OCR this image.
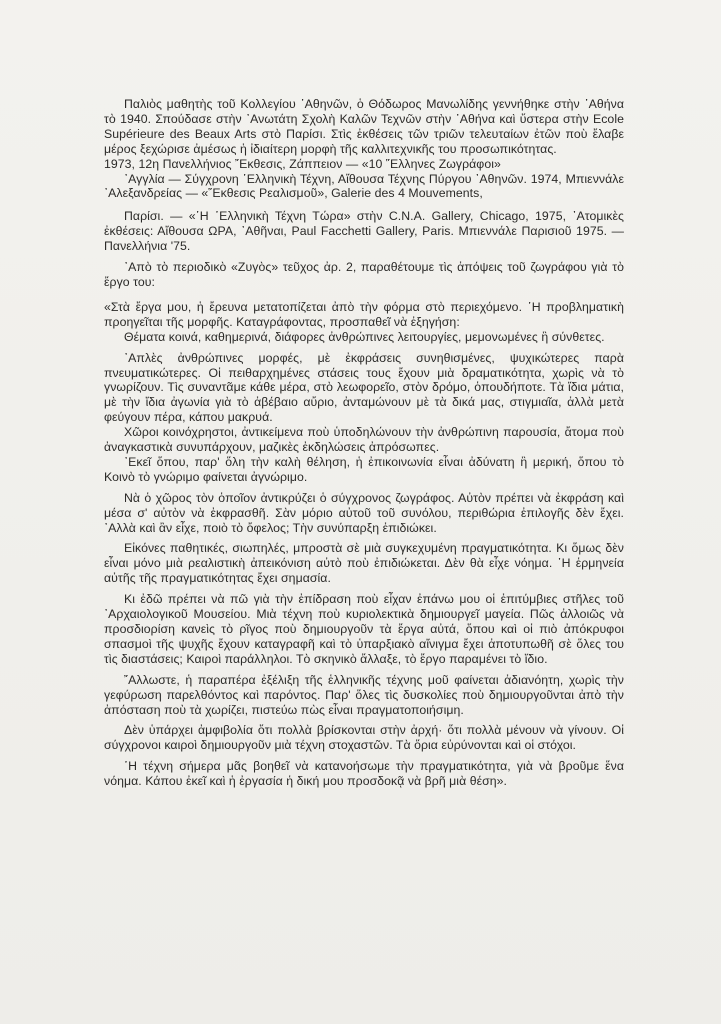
Παλιὸς μαθητὴς τοῦ Κολλεγίου ᾽Αθηνῶν, ὁ Θόδωρος Μανωλίδης γεννήθηκε στὴν ᾽Αθήνα τὸ 1940. Σπούδασε στὴν ᾽Ανωτάτη Σχολὴ Καλῶν Τεχνῶν στὴν ᾽Αθήνα καὶ ὕστερα στὴν Ecole Supérieure des Beaux Arts στὸ Παρίσι. Στὶς ἐκθέσεις τῶν τριῶν τελευταίων ἐτῶν ποὺ ἔλαβε μέρος ξεχώρισε ἀμέσως ἡ ἰδιαίτερη μορφὴ τῆς καλλιτεχνικῆς του προσωπικότητας.

1973, 12η Πανελλήνιος ῎Εκθεσις, Ζάππειον — «10 ῞Ελληνες Ζωγράφοι»

᾽Αγγλία — Σύγχρονη ῾Ελληνικὴ Τέχνη, Αἴθουσα Τέχνης Πύργου ᾽Αθηνῶν. 1974, Μπιεννάλε ᾽Αλεξανδρείας — «῞Εκθεσις Ρεαλισμοῦ», Galerie des 4 Mouvements,

Παρίσι. — «῾Η ῾Ελληνικὴ Τέχνη Τώρα» στὴν C.N.A. Gallery, Chicago, 1975, ᾽Ατομικὲς ἐκθέσεις: Αἴθουσα ΩΡΑ, ᾽Αθῆναι, Paul Facchetti Gallery, Paris. Μπιεννάλε Παρισιοῦ 1975. — Πανελλήνια '75.

᾽Απὸ τὸ περιοδικὸ «Ζυγὸς» τεῦχος ἀρ. 2, παραθέτουμε τὶς ἀπόψεις τοῦ ζωγράφου γιὰ τὸ ἔργο του:

«Στὰ ἔργα μου, ἡ ἔρευνα μετατοπίζεται ἀπὸ τὴν φόρμα στὸ περιεχόμενο. ῾Η προβληματικὴ προηγεῖται τῆς μορφῆς. Καταγράφοντας, προσπαθεῖ νὰ ἐξηγήση:

Θέματα κοινά, καθημερινά, διάφορες ἀνθρώπινες λειτουργίες, μεμονωμένες ἢ σύνθετες.

᾽Απλὲς ἀνθρώπινες μορφές, μὲ ἐκφράσεις συνηθισμένες, ψυχικώτερες παρὰ πνευματικώτερες. Οἱ πειθαρχημένες στάσεις τους ἔχουν μιὰ δραματικότητα, χωρὶς νὰ τὸ γνωρίζουν. Τὶς συναντᾶμε κάθε μέρα, στὸ λεωφορεῖο, στὸν δρόμο, ὁπουδήποτε. Τὰ ἴδια μάτια, μὲ τὴν ἴδια ἀγωνία γιὰ τὸ ἀβέβαιο αὔριο, ἀνταμώνουν μὲ τὰ δικά μας, στιγμιαῖα, ἀλλὰ μετὰ φεύγουν πέρα, κάπου μακρυά.

Χῶροι κοινόχρηστοι, ἀντικείμενα ποὺ ὑποδηλώνουν τὴν ἀνθρώπινη παρουσία, ἄτομα ποὺ ἀναγκαστικὰ συνυπάρχουν, μαζικὲς ἐκδηλώσεις ἀπρόσωπες.

᾽Εκεῖ ὅπου, παρ' ὅλη τὴν καλὴ θέληση, ἡ ἐπικοινωνία εἶναι ἀδύνατη ἢ μερική, ὅπου τὸ Κοινὸ τὸ γνώριμο φαίνεται ἀγνώριμο.

Νὰ ὁ χῶρος τὸν ὁποῖον ἀντικρύζει ὁ σύγχρονος ζωγράφος. Αὐτὸν πρέπει νὰ ἐκφράση καὶ μέσα σ' αὐτὸν νὰ ἐκφρασθῆ. Σὰν μόριο αὐτοῦ τοῦ συνόλου, περιθώρια ἐπιλογῆς δὲν ἔχει. ᾽Αλλὰ καὶ ἂν εἶχε, ποιὸ τὸ ὄφελος; Τὴν συνύπαρξη ἐπιδιώκει.

Εἰκόνες παθητικές, σιωπηλές, μπροστὰ σὲ μιὰ συγκεχυμένη πραγματικότητα. Κι ὅμως δὲν εἶναι μόνο μιὰ ρεαλιστικὴ ἀπεικόνιση αὐτὸ ποὺ ἐπιδιώκεται. Δὲν θὰ εἶχε νόημα. ῾Η ἑρμηνεία αὐτῆς τῆς πραγματικότητας ἔχει σημασία.

Κι ἐδῶ πρέπει νὰ πῶ γιὰ τὴν ἐπίδραση ποὺ εἶχαν ἐπάνω μου οἱ ἐπιτύμβιες στῆλες τοῦ ᾽Αρχαιολογικοῦ Μουσείου. Μιὰ τέχνη ποὺ κυριολεκτικὰ δημιουργεῖ μαγεία. Πῶς ἀλλοιῶς νὰ προσδιορίση κανεὶς τὸ ρῖγος ποὺ δημιουργοῦν τὰ ἔργα αὐτά, ὅπου καὶ οἱ πιὸ ἀπόκρυφοι σπασμοὶ τῆς ψυχῆς ἔχουν καταγραφῆ καὶ τὸ ὑπαρξιακὸ αἴνιγμα ἔχει ἀποτυπωθῆ σὲ ὅλες του τὶς διαστάσεις; Καιροὶ παράλληλοι. Τὸ σκηνικὸ ἄλλαξε, τὸ ἔργο παραμένει τὸ ἴδιο.

῎Αλλωστε, ἡ παραπέρα ἐξέλιξη τῆς ἑλληνικῆς τέχνης μοῦ φαίνεται ἀδιανόητη, χωρὶς τὴν γεφύρωση παρελθόντος καὶ παρόντος. Παρ' ὅλες τὶς δυσκολίες ποὺ δημιουργοῦνται ἀπὸ τὴν ἀπόσταση ποὺ τὰ χωρίζει, πιστεύω πὼς εἶναι πραγματοποιήσιμη.

Δὲν ὑπάρχει ἀμφιβολία ὅτι πολλὰ βρίσκονται στὴν ἀρχή· ὅτι πολλὰ μένουν νὰ γίνουν. Οἱ σύγχρονοι καιροὶ δημιουργοῦν μιὰ τέχνη στοχαστῶν. Τὰ ὅρια εὐρύνονται καὶ οἱ στόχοι.

῾Η τέχνη σήμερα μᾶς βοηθεῖ νὰ κατανοήσωμε τὴν πραγματικότητα, γιὰ νὰ βροῦμε ἕνα νόημα. Κάπου ἐκεῖ καὶ ἡ ἐργασία ἡ δική μου προσδοκᾷ νὰ βρῆ μιὰ θέση».
